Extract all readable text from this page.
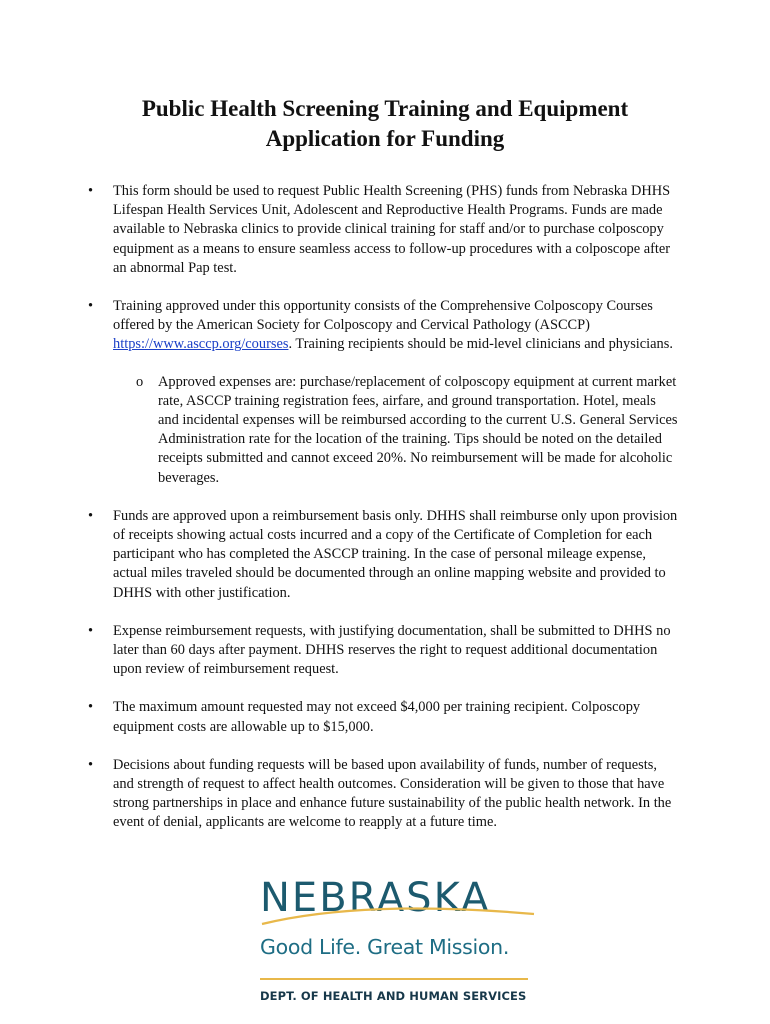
Public Health Screening Training and Equipment
Application for Funding
• This form should be used to request Public Health Screening (PHS) funds from Nebraska DHHS Lifespan Health Services Unit, Adolescent and Reproductive Health Programs. Funds are made available to Nebraska clinics to provide clinical training for staff and/or to purchase colposcopy equipment as a means to ensure seamless access to follow-up procedures with a colposcope after an abnormal Pap test.
• Training approved under this opportunity consists of the Comprehensive Colposcopy Courses offered by the American Society for Colposcopy and Cervical Pathology (ASCCP) https://www.asccp.org/courses. Training recipients should be mid-level clinicians and physicians.
o Approved expenses are: purchase/replacement of colposcopy equipment at current market rate, ASCCP training registration fees, airfare, and ground transportation. Hotel, meals and incidental expenses will be reimbursed according to the current U.S. General Services Administration rate for the location of the training. Tips should be noted on the detailed receipts submitted and cannot exceed 20%. No reimbursement will be made for alcoholic beverages.
• Funds are approved upon a reimbursement basis only. DHHS shall reimburse only upon provision of receipts showing actual costs incurred and a copy of the Certificate of Completion for each participant who has completed the ASCCP training. In the case of personal mileage expense, actual miles traveled should be documented through an online mapping website and provided to DHHS with other justification.
• Expense reimbursement requests, with justifying documentation, shall be submitted to DHHS no later than 60 days after payment. DHHS reserves the right to request additional documentation upon review of reimbursement request.
• The maximum amount requested may not exceed $4,000 per training recipient. Colposcopy equipment costs are allowable up to $15,000.
• Decisions about funding requests will be based upon availability of funds, number of requests, and strength of request to affect health outcomes. Consideration will be given to those that have strong partnerships in place and enhance future sustainability of the public health network. In the event of denial, applicants are welcome to reapply at a future time.
NEBRASKA
Good Life. Great Mission.
DEPT. OF HEALTH AND HUMAN SERVICES
